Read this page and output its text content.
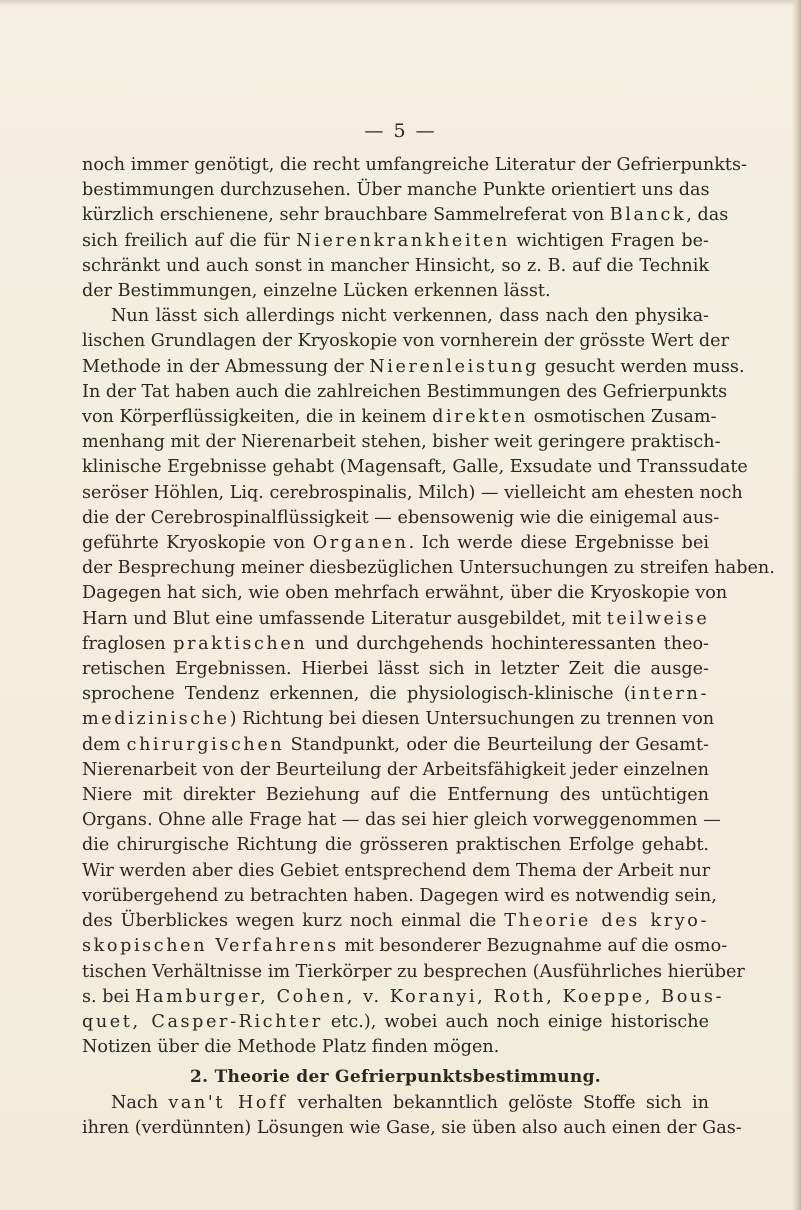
— 5 —
noch immer genötigt, die recht umfangreiche Literatur der Gefrierpunkts-
bestimmungen durchzusehen. Über manche Punkte orientiert uns das
kürzlich erschienene, sehr brauchbare Sammelreferat von Blanck, das
sich freilich auf die für Nierenkrankheiten wichtigen Fragen be-
schränkt und auch sonst in mancher Hinsicht, so z. B. auf die Technik
der Bestimmungen, einzelne Lücken erkennen lässt.
Nun lässt sich allerdings nicht verkennen, dass nach den physika-
lischen Grundlagen der Kryoskopie von vornherein der grösste Wert der
Methode in der Abmessung der Nierenleistung gesucht werden muss.
In der Tat haben auch die zahlreichen Bestimmungen des Gefrierpunkts
von Körperflüssigkeiten, die in keinem direkten osmotischen Zusam-
menhang mit der Nierenarbeit stehen, bisher weit geringere praktisch-
klinische Ergebnisse gehabt (Magensaft, Galle, Exsudate und Transsudate
seröser Höhlen, Liq. cerebrospinalis, Milch) — vielleicht am ehesten noch
die der Cerebrospinalflüssigkeit — ebensowenig wie die einigemal aus-
geführte Kryoskopie von Organen. Ich werde diese Ergebnisse bei
der Besprechung meiner diesbezüglichen Untersuchungen zu streifen haben.
Dagegen hat sich, wie oben mehrfach erwähnt, über die Kryoskopie von
Harn und Blut eine umfassende Literatur ausgebildet, mit teilweise
fraglosen praktischen und durchgehends hochinteressanten theo-
retischen Ergebnissen. Hierbei lässt sich in letzter Zeit die ausge-
sprochene Tendenz erkennen, die physiologisch-klinische (intern-
medizinische) Richtung bei diesen Untersuchungen zu trennen von
dem chirurgischen Standpunkt, oder die Beurteilung der Gesamt-
Nierenarbeit von der Beurteilung der Arbeitsfähigkeit jeder einzelnen
Niere mit direkter Beziehung auf die Entfernung des untüchtigen
Organs. Ohne alle Frage hat — das sei hier gleich vorweggenommen —
die chirurgische Richtung die grösseren praktischen Erfolge gehabt.
Wir werden aber dies Gebiet entsprechend dem Thema der Arbeit nur
vorübergehend zu betrachten haben. Dagegen wird es notwendig sein,
des Überblickes wegen kurz noch einmal die Theorie des kryo-
skopischen Verfahrens mit besonderer Bezugnahme auf die osmo-
tischen Verhältnisse im Tierkörper zu besprechen (Ausführliches hierüber
s. bei Hamburger, Cohen, v. Koranyi, Roth, Koeppe, Bous-
quet, Casper-Richter etc.), wobei auch noch einige historische
Notizen über die Methode Platz finden mögen.
2. Theorie der Gefrierpunktsbestimmung.
Nach van't Hoff verhalten bekanntlich gelöste Stoffe sich in
ihren (verdünnten) Lösungen wie Gase, sie üben also auch einen der Gas-
